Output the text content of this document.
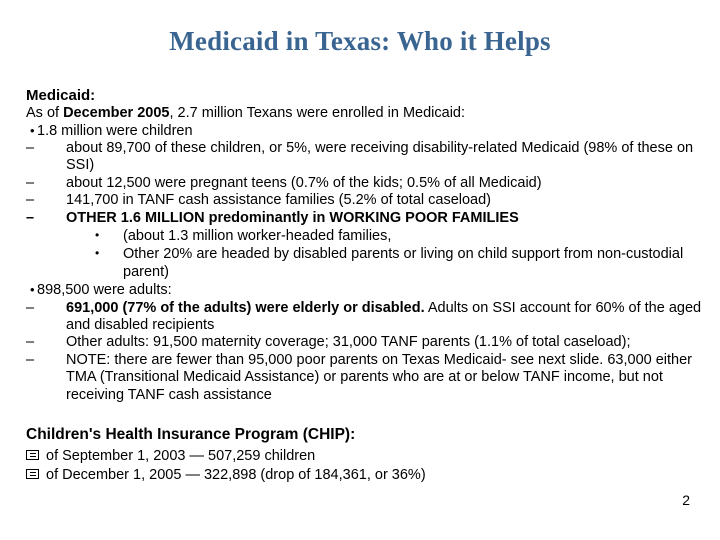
Medicaid in Texas: Who it Helps

Medicaid:

As of December 2005, 2.7 million Texans were enrolled in Medicaid:

• 1.8 million were children

– about 89,700 of these children, or 5%, were receiving disability-related Medicaid (98% of these on SSI)

– about 12,500 were pregnant teens (0.7% of the kids; 0.5% of all Medicaid)

– 141,700 in TANF cash assistance families (5.2% of total caseload)

– OTHER 1.6 MILLION predominantly in WORKING POOR FAMILIES

• (about 1.3 million worker-headed families,

• Other 20% are headed by disabled parents or living on child support from non-custodial parent)

• 898,500 were adults:

– 691,000 (77% of the adults) were elderly or disabled. Adults on SSI account for 60% of the aged and disabled recipients

– Other adults: 91,500 maternity coverage; 31,000 TANF parents (1.1% of total caseload);

– NOTE: there are fewer than 95,000 poor parents on Texas Medicaid- see next slide. 63,000 either TMA (Transitional Medicaid Assistance) or parents who are at or below TANF income, but not receiving TANF cash assistance

Children's Health Insurance Program (CHIP):

of September 1, 2003 — 507,259 children

of December 1, 2005 — 322,898 (drop of 184,361, or 36%)

2
